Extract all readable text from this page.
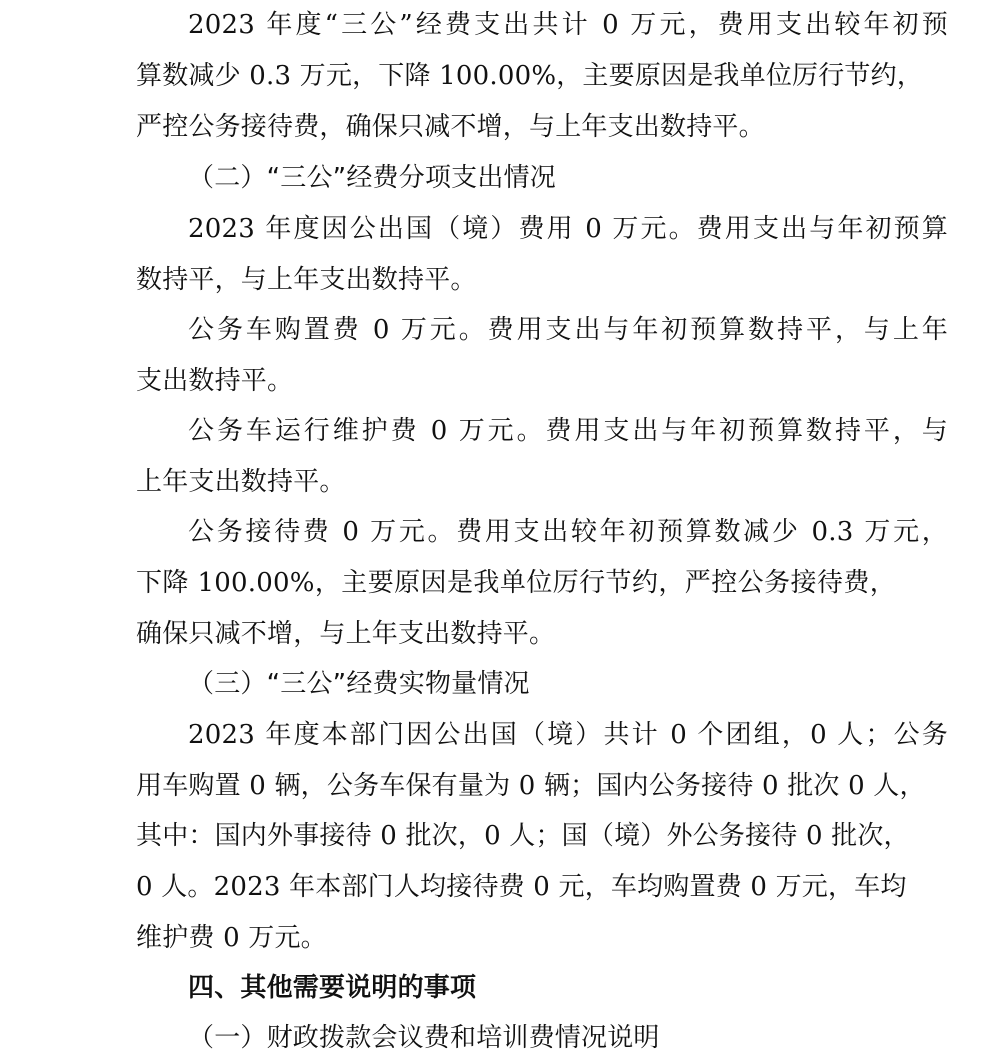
2023 年度“三公”经费支出共计 0 万元，费用支出较年初预
算数减少 0.3 万元，下降 100.00%，主要原因是我单位厉行节约，
严控公务接待费，确保只减不增，与上年支出数持平。
（二）“三公”经费分项支出情况
2023 年度因公出国（境）费用 0 万元。费用支出与年初预算
数持平，与上年支出数持平。
公务车购置费 0 万元。费用支出与年初预算数持平，与上年
支出数持平。
公务车运行维护费 0 万元。费用支出与年初预算数持平，与
上年支出数持平。
公务接待费 0 万元。费用支出较年初预算数减少 0.3 万元，
下降 100.00%，主要原因是我单位厉行节约，严控公务接待费，
确保只减不增，与上年支出数持平。
（三）“三公”经费实物量情况
2023 年度本部门因公出国（境）共计 0 个团组，0 人；公务
用车购置 0 辆，公务车保有量为 0 辆；国内公务接待 0 批次 0 人，
其中：国内外事接待 0 批次，0 人；国（境）外公务接待 0 批次，
0 人。2023 年本部门人均接待费 0 元，车均购置费 0 万元，车均
维护费 0 万元。
四、其他需要说明的事项
（一）财政拨款会议费和培训费情况说明
